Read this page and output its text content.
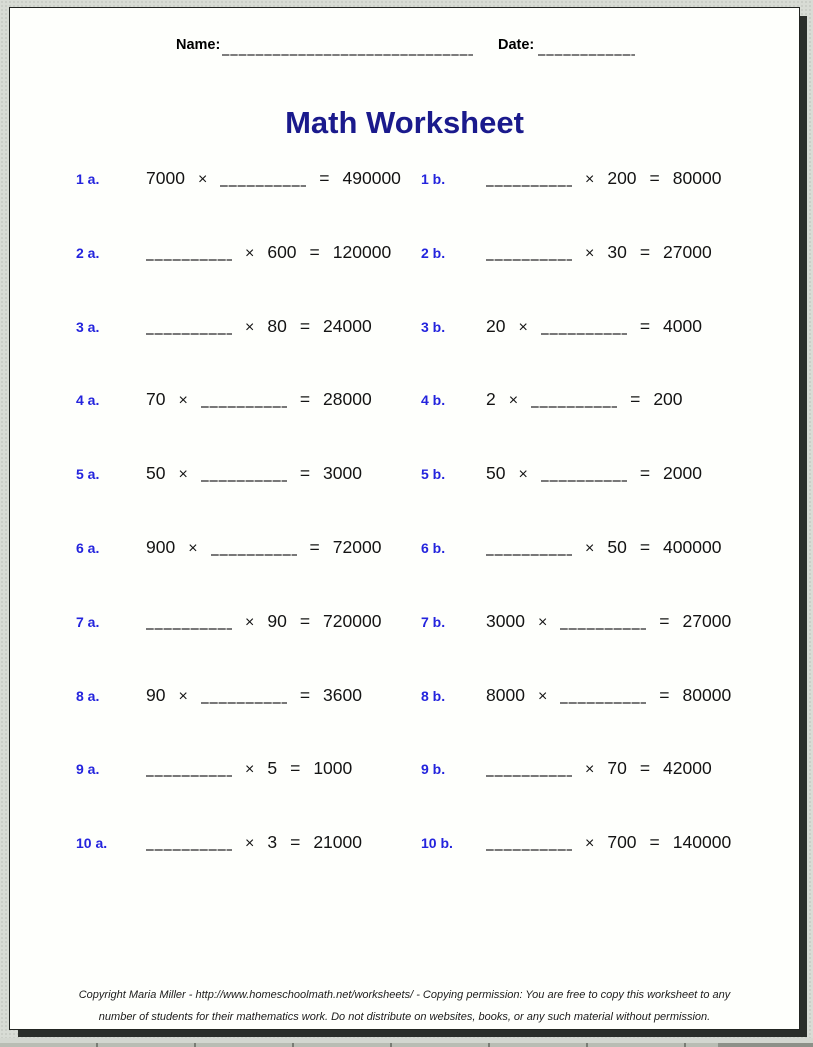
Name:	Date:
Math Worksheet
1 a.	7000 ×	= 490000
2 a.	× 600 = 120000
3 a.	× 80 = 24000
4 a.	70 ×	= 28000
5 a.	50 ×	= 3000
6 a.	900 ×	= 72000
7 a.	× 90 = 720000
8 a.	90 ×	= 3600
9 a.	× 5 = 1000
10 a.	× 3 = 21000
1 b.	× 200 = 80000
2 b.	× 30 = 27000
3 b. 20 ×	= 4000
4 b. 2 ×	= 200
5 b. 50 ×	= 2000
6 b.	× 50 = 400000
7 b. 3000 ×	= 27000
8 b. 8000 ×	= 80000
9 b.	× 70 = 42000
10 b.	× 700 = 140000
Copyright Maria Miller - http://www.homeschoolmath.net/worksheets/ - Copying permission: You are free to copy this worksheet to any
number of students for their mathematics work. Do not distribute on websites, books, or any such material without permission.
